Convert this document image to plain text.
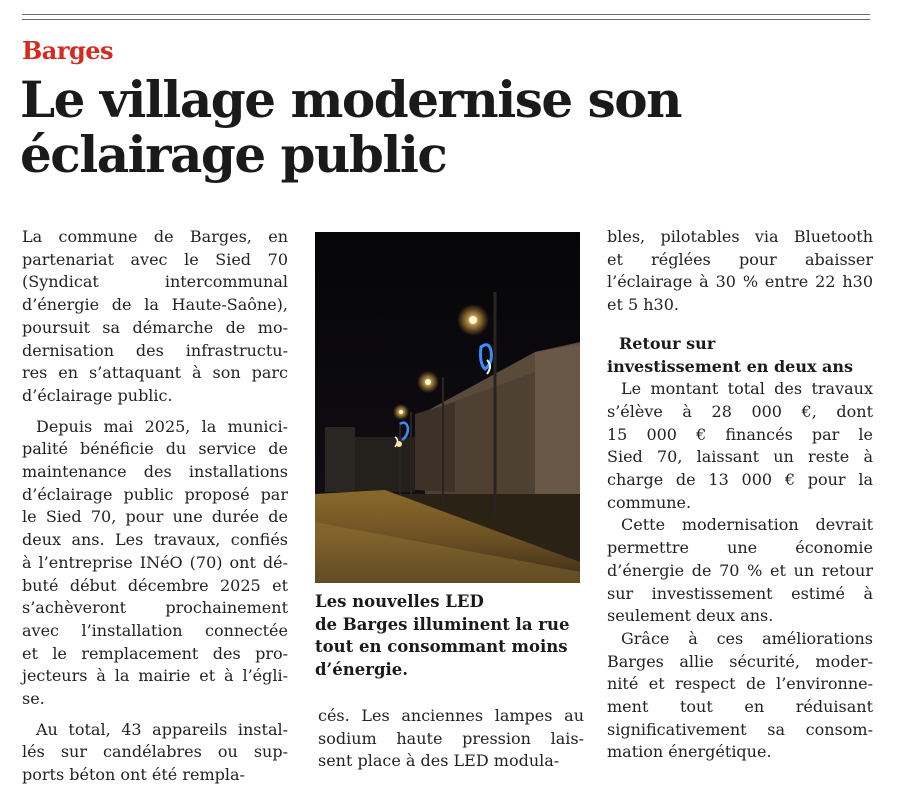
Barges
Le village modernise son
éclairage public
La commune de Barges, en
partenariat avec le Sied 70
(Syndicat intercommunal
d’énergie de la Haute-Saône),
poursuit sa démarche de mo-
dernisation des infrastructu-
res en s’attaquant à son parc
d’éclairage public.
Depuis mai 2025, la munici-
palité bénéficie du service de
maintenance des installations
d’éclairage public proposé par
le Sied 70, pour une durée de
deux ans. Les travaux, confiés
à l’entreprise INéO (70) ont dé-
buté début décembre 2025 et
s’achèveront prochainement
avec l’installation connectée
et le remplacement des pro-
jecteurs à la mairie et à l’égli-
se.
Au total, 43 appareils instal-
lés sur candélabres ou sup-
ports béton ont été rempla-
Les nouvelles LED
de Barges illuminent la rue
tout en consommant moins
d’énergie.
cés. Les anciennes lampes au
sodium haute pression lais-
sent place à des LED modula-
bles, pilotables via Bluetooth
et réglées pour abaisser
l’éclairage à 30 % entre 22 h30
et 5 h30.
Retour sur
investissement en deux ans
Le montant total des travaux
s’élève à 28 000 €, dont
15 000 € financés par le
Sied 70, laissant un reste à
charge de 13 000 € pour la
commune.
Cette modernisation devrait
permettre une économie
d’énergie de 70 % et un retour
sur investissement estimé à
seulement deux ans.
Grâce à ces améliorations
Barges allie sécurité, moder-
nité et respect de l’environne-
ment tout en réduisant
significativement sa consom-
mation énergétique.
